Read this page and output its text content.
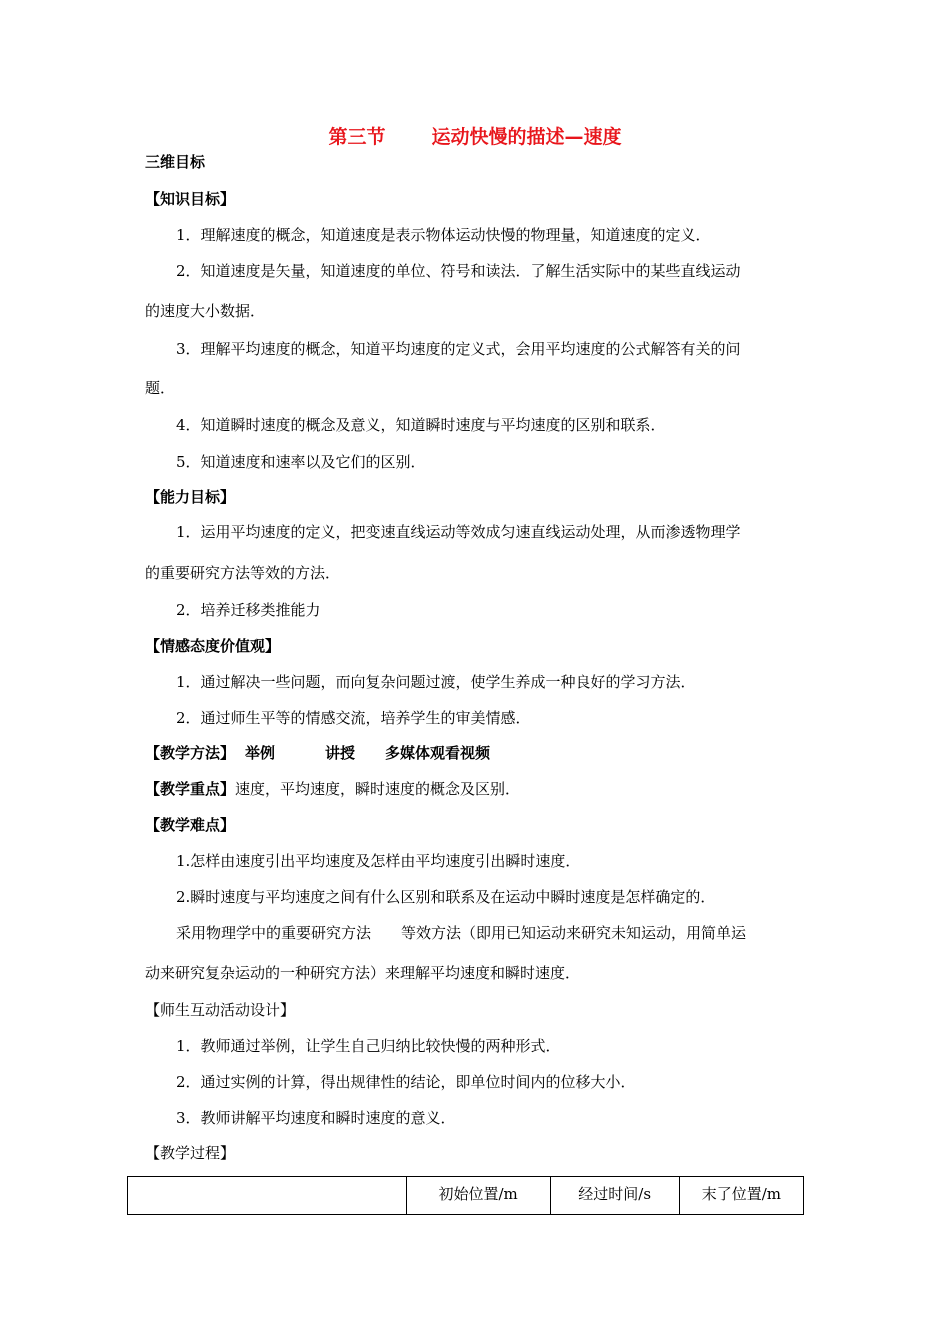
第三节 运动快慢的描述—速度
三维目标
【知识目标】
1．理解速度的概念，知道速度是表示物体运动快慢的物理量，知道速度的定义．
2．知道速度是矢量，知道速度的单位、符号和读法．了解生活实际中的某些直线运动
的速度大小数据．
3．理解平均速度的概念，知道平均速度的定义式，会用平均速度的公式解答有关的问
题．
4．知道瞬时速度的概念及意义，知道瞬时速度与平均速度的区别和联系．
5．知道速度和速率以及它们的区别．
【能力目标】
1．运用平均速度的定义，把变速直线运动等效成匀速直线运动处理，从而渗透物理学
的重要研究方法等效的方法．
2．培养迁移类推能力
【情感态度价值观】
1．通过解决一些问题，而向复杂问题过渡，使学生养成一种良好的学习方法．
2．通过师生平等的情感交流，培养学生的审美情感．
【教学方法】 举例	讲授 多媒体观看视频
【教学重点】速度，平均速度，瞬时速度的概念及区别．
【教学难点】
1.怎样由速度引出平均速度及怎样由平均速度引出瞬时速度．
2.瞬时速度与平均速度之间有什么区别和联系及在运动中瞬时速度是怎样确定的．
采用物理学中的重要研究方法 等效方法（即用已知运动来研究未知运动，用简单运
动来研究复杂运动的一种研究方法）来理解平均速度和瞬时速度．
【师生互动活动设计】
1．教师通过举例，让学生自己归纳比较快慢的两种形式．
2．通过实例的计算，得出规律性的结论，即单位时间内的位移大小．
3．教师讲解平均速度和瞬时速度的意义．
【教学过程】
	初始位置/m	经过时间/s	末了位置/m
